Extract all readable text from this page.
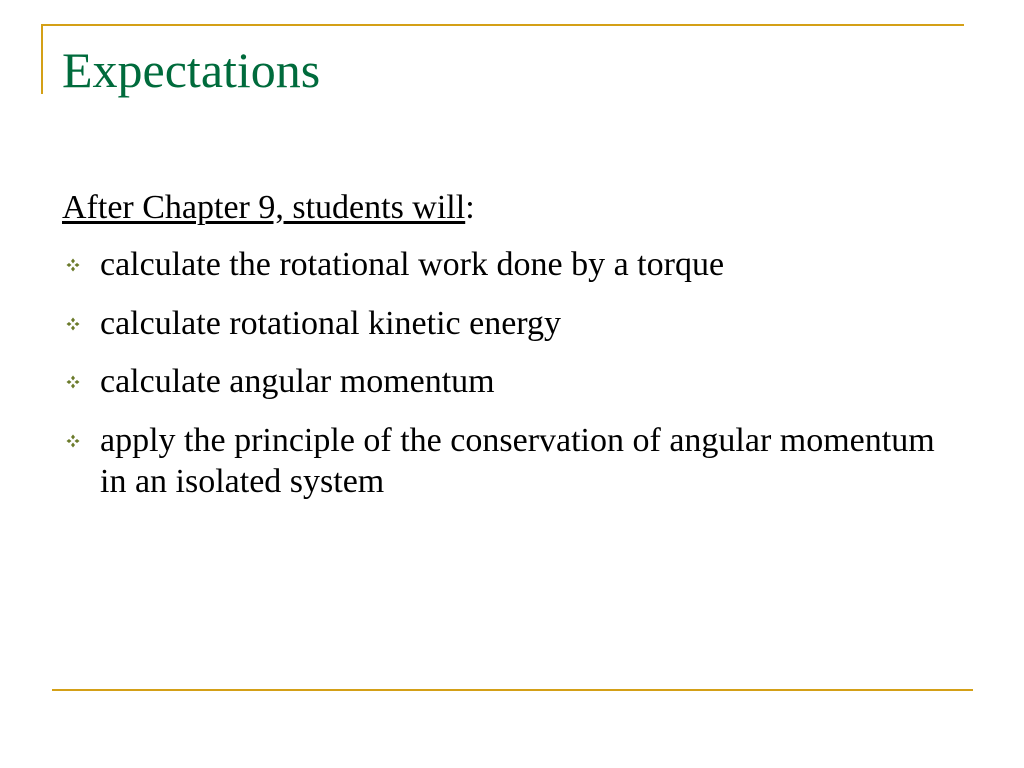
Expectations

After Chapter 9, students will:

calculate the rotational work done by a torque
calculate rotational kinetic energy
calculate angular momentum
apply the principle of the conservation of angular momentum in an isolated system
